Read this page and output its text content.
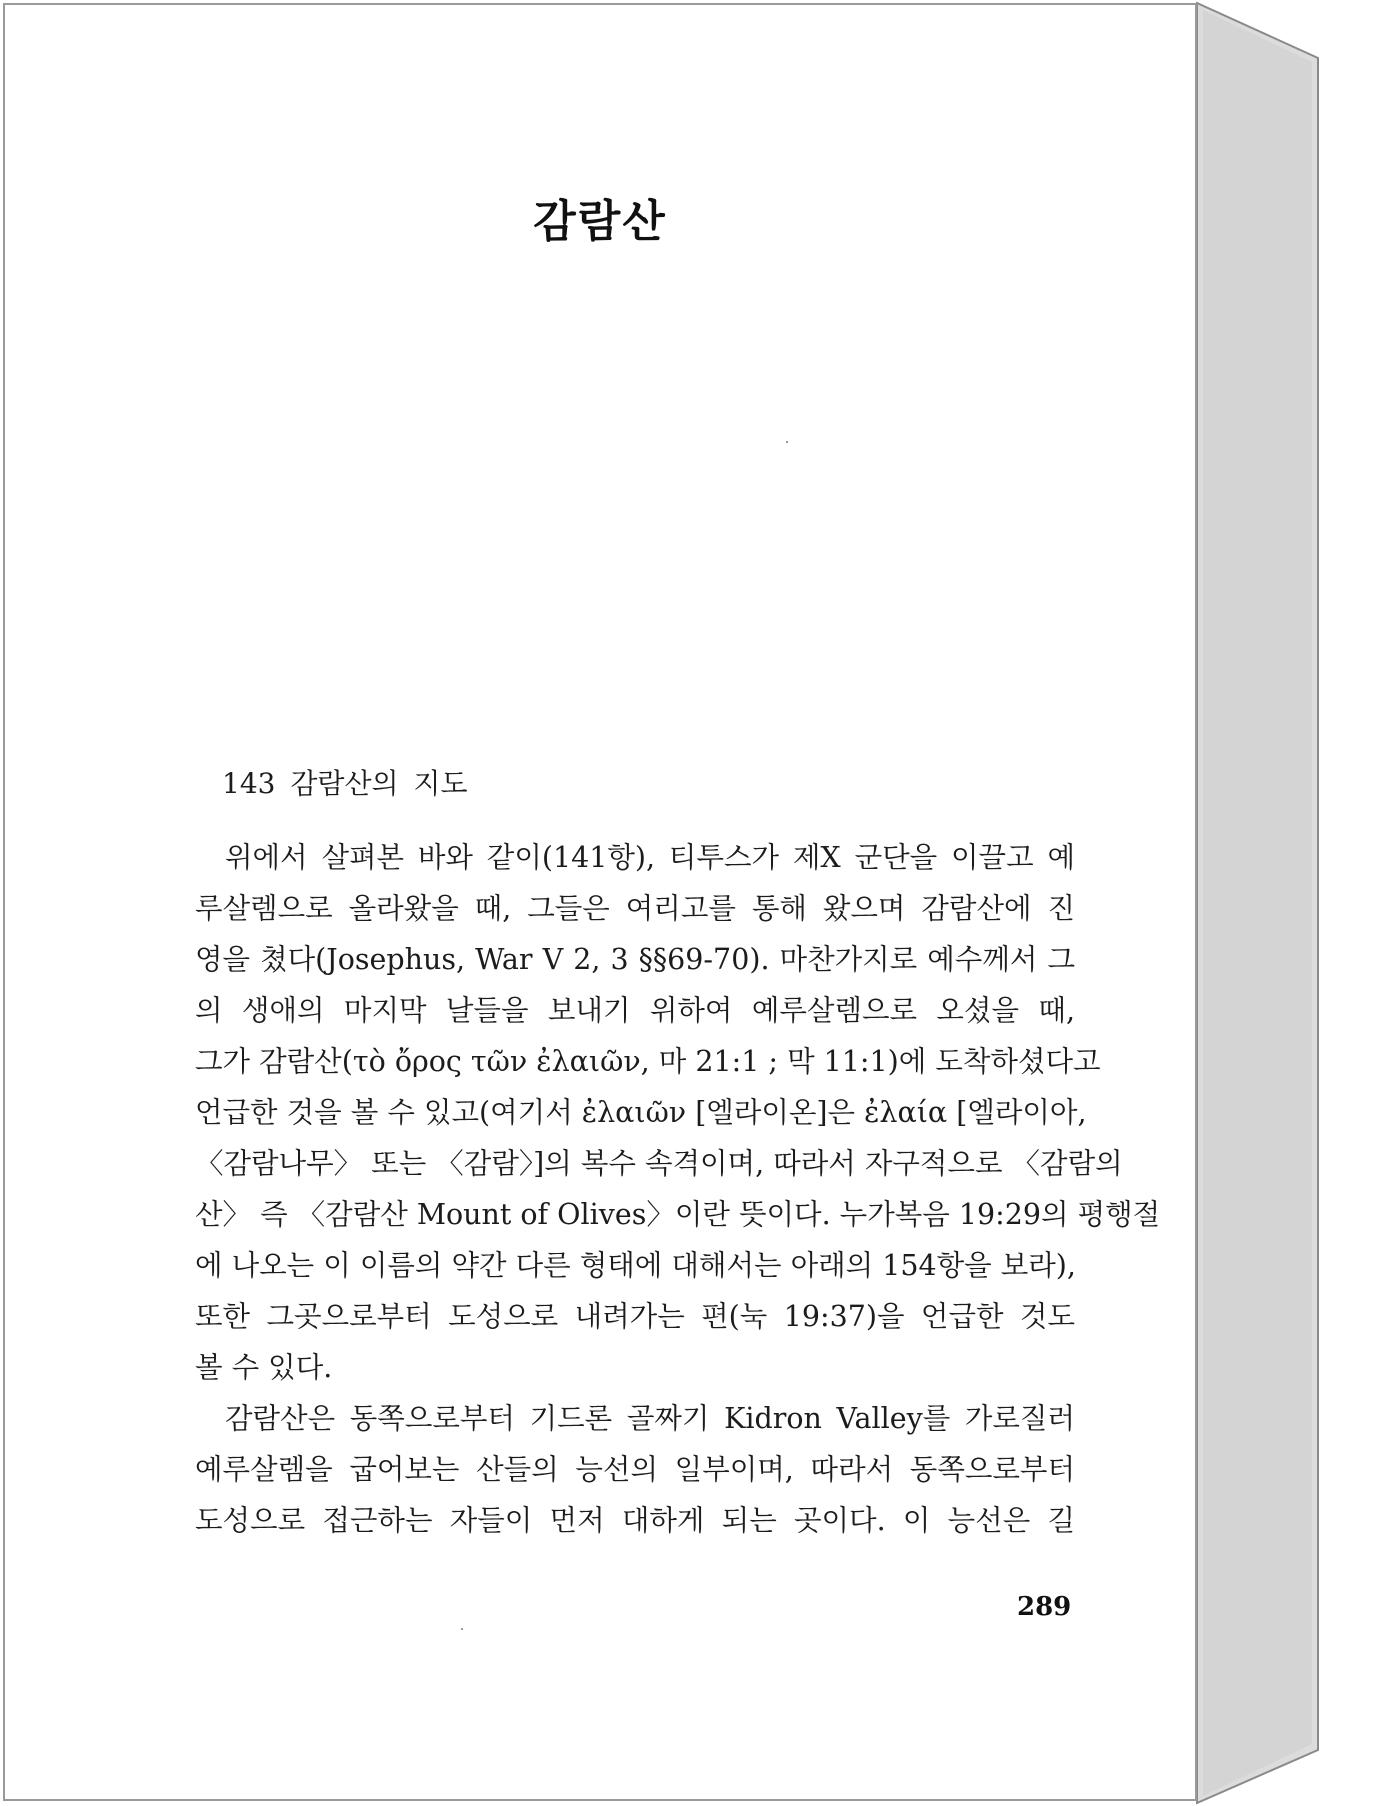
감람산
143 감람산의 지도
위에서 살펴본 바와 같이(141항), 티투스가 제X 군단을 이끌고 예
루살렘으로 올라왔을 때, 그들은 여리고를 통해 왔으며 감람산에 진
영을 쳤다(Josephus, War V 2, 3 §§69-70). 마찬가지로 예수께서 그
의 생애의 마지막 날들을 보내기 위하여 예루살렘으로 오셨을 때,
그가 감람산(τὸ ὄρος τῶν ἐλαιῶν, 마 21:1 ; 막 11:1)에 도착하셨다고
언급한 것을 볼 수 있고(여기서 ἐλαιῶν [엘라이온]은 ἐλαία [엘라이아,
〈감람나무〉 또는 〈감람〉]의 복수 속격이며, 따라서 자구적으로 〈감람의
산〉 즉 〈감람산 Mount of Olives〉이란 뜻이다. 누가복음 19:29의 평행절
에 나오는 이 이름의 약간 다른 형태에 대해서는 아래의 154항을 보라),
또한 그곳으로부터 도성으로 내려가는 편(눅 19:37)을 언급한 것도
볼 수 있다.
감람산은 동쪽으로부터 기드론 골짜기 Kidron Valley를 가로질러
예루살렘을 굽어보는 산들의 능선의 일부이며, 따라서 동쪽으로부터
도성으로 접근하는 자들이 먼저 대하게 되는 곳이다. 이 능선은 길
289
